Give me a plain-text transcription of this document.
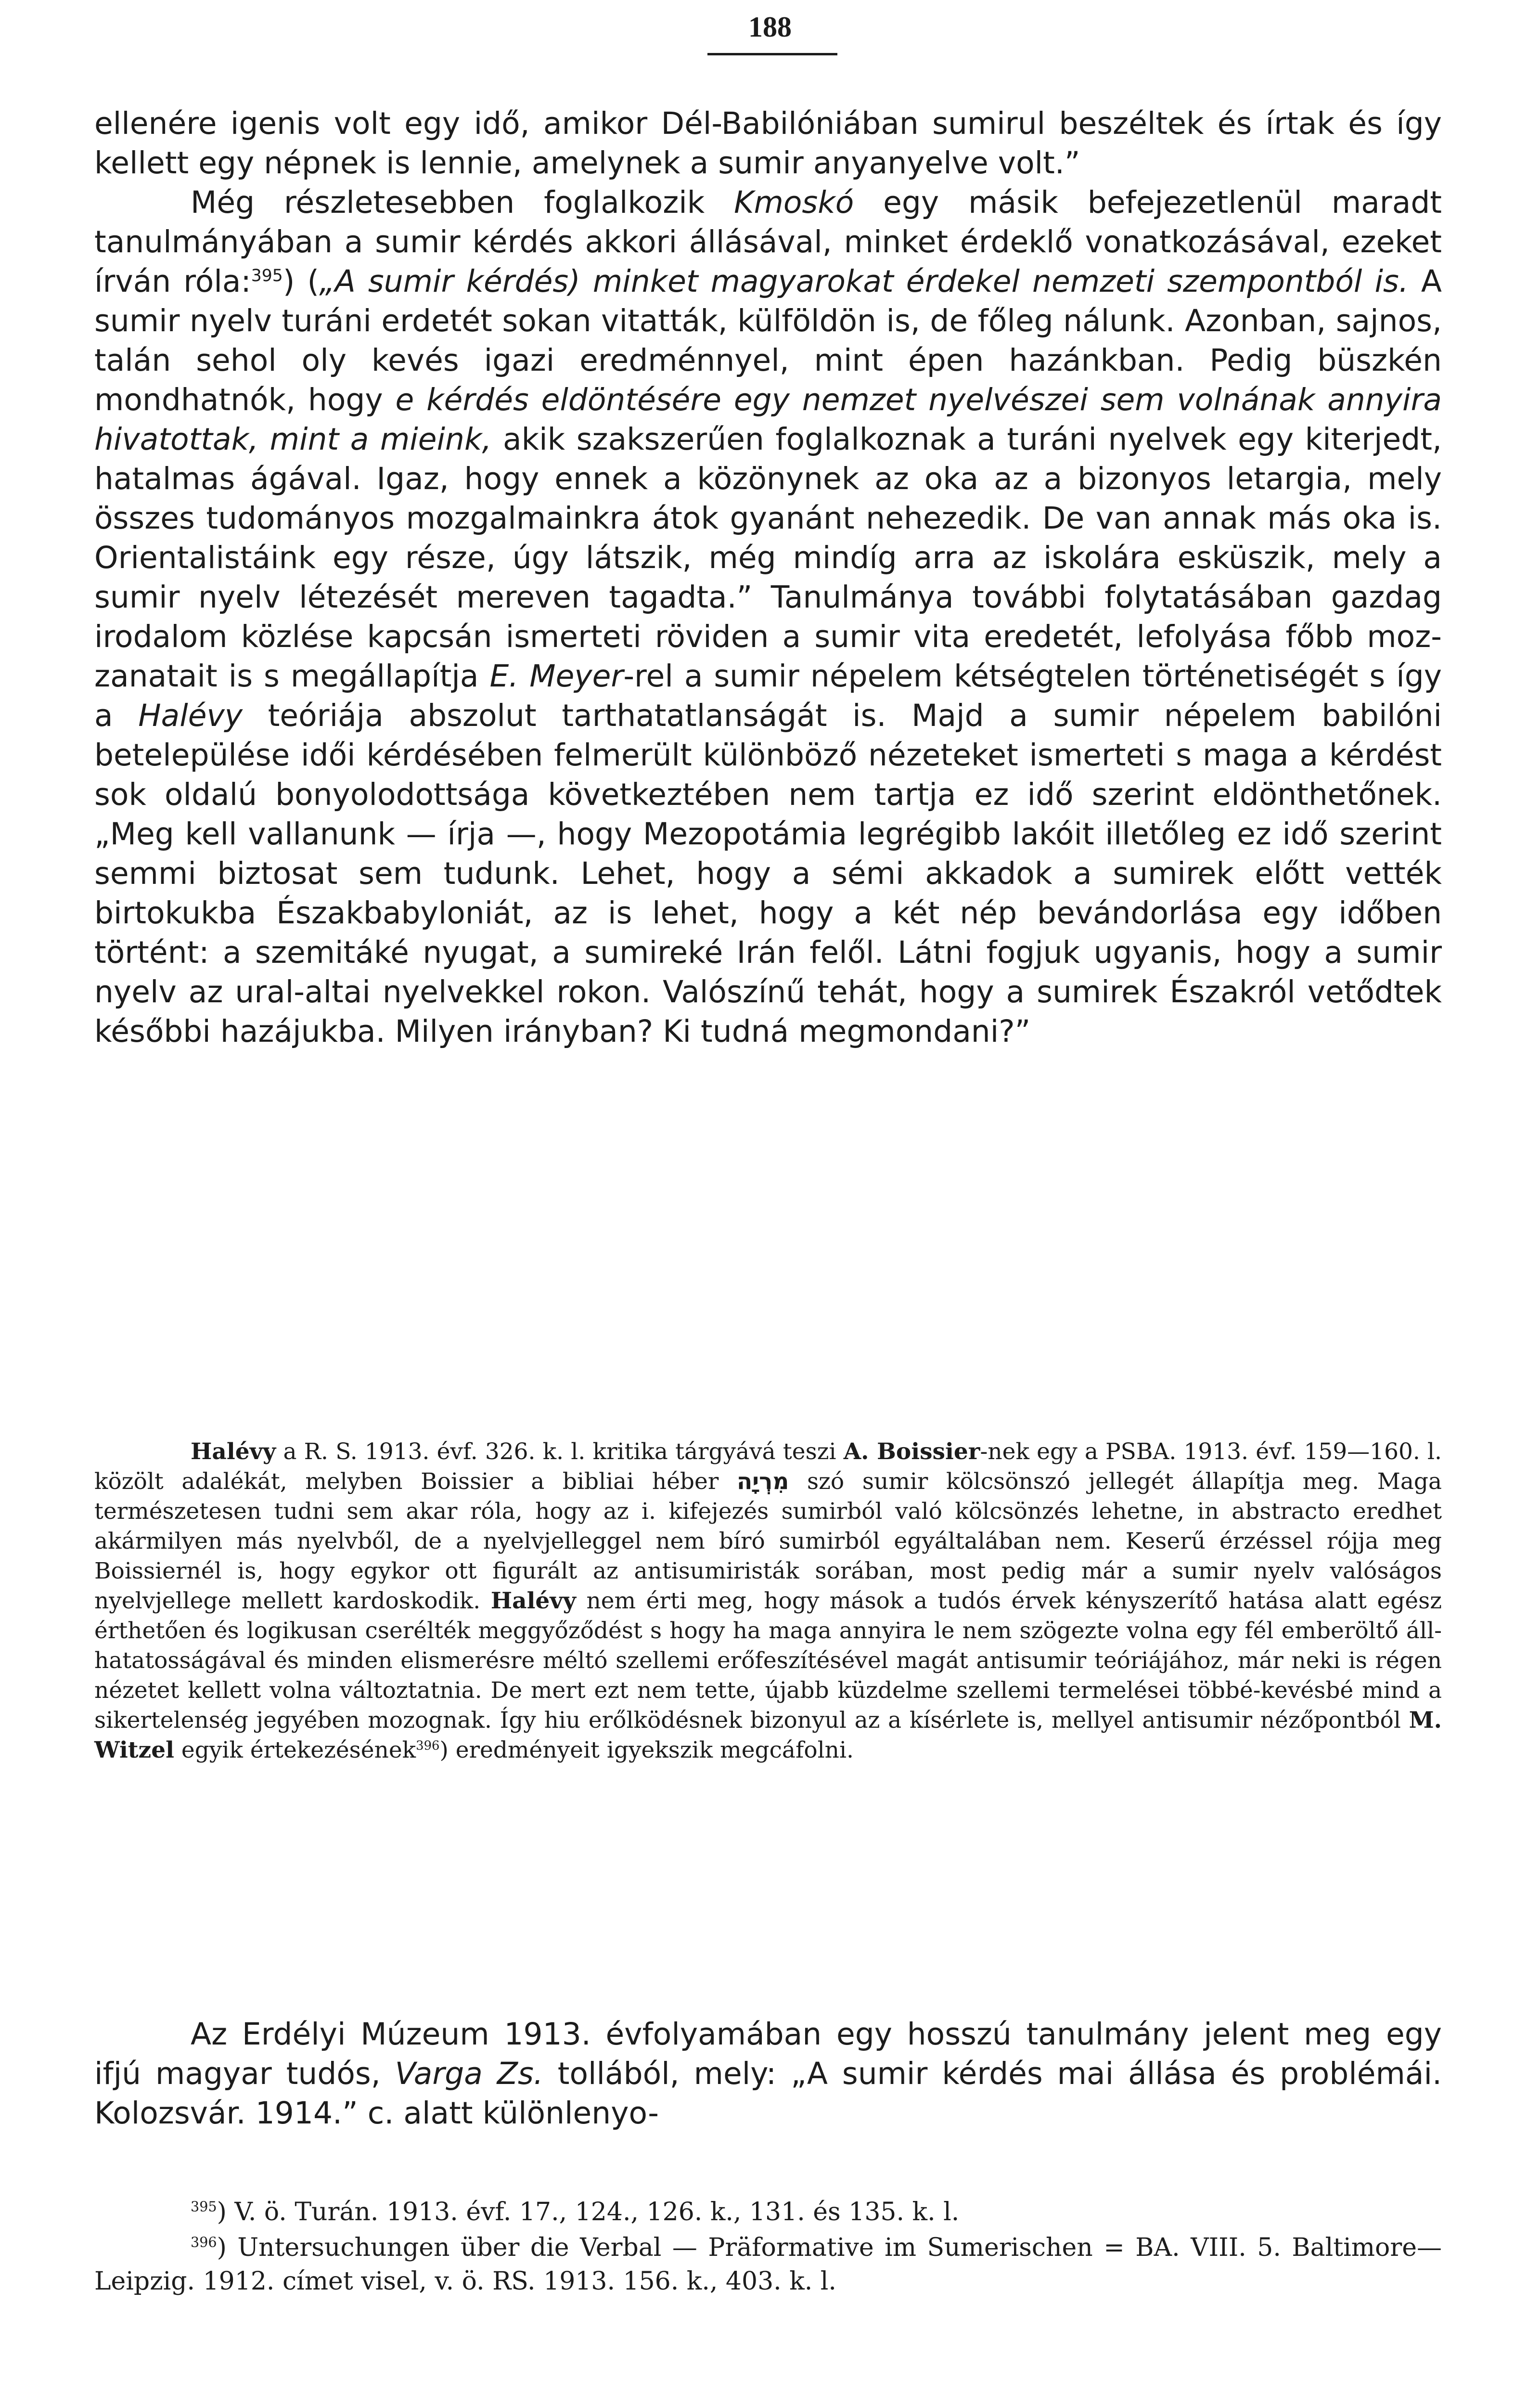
188

ellenére igenis volt egy idő, amikor Dél-Babilóniában sumirul beszéltek és írtak és így kellett egy népnek is lennie, amelynek a sumir anyanyelve volt.”

Még részletesebben foglalkozik Kmoskó egy másik befejezetlenül maradt tanulmányában a sumir kérdés akkori állásával, minket érdeklő vonatkozásával, ezeket írván róla:$^{395}$) („A sumir kérdés) minket magyarokat érdekel nemzeti szempontból is. A sumir nyelv turáni erdetét sokan vitatták, külföldön is, de főleg nálunk. Azonban, sajnos, talán sehol oly kevés igazi eredménnyel, mint épen hazánkban. Pedig büszkén mondhatnók, hogy e kérdés eldöntésére egy nemzet nyelvészei sem volnának annyira hivatottak, mint a mieink, akik szakszerűen foglalkoznak a turáni nyelvek egy kiterjedt, hatalmas ágával. Igaz, hogy ennek a közönynek az oka az a bizonyos letargia, mely összes tudományos mozgalmainkra átok gyanánt nehezedik. De van annak más oka is. Orientalistáink egy része, úgy látszik, még mindíg arra az iskolára esküszik, mely a sumir nyelv létezését mereven tagadta.” Tanulmánya további folytatásában gazdag irodalom közlése kapcsán ismerteti röviden a sumir vita eredetét, lefolyása főbb mozzanatait is s megállapítja E. Meyer-rel a sumir népelem kétségtelen történetiségét s így a Halévy teóriája abszolut tarthatatlanságát is. Majd a sumir népelem babilóni betelepülése idői kérdésében felmerült különböző nézeteket ismerteti s maga a kérdést sok oldalú bonyolodottsága következtében nem tartja ez idő szerint eldönthetőnek. „Meg kell vallanunk — írja —, hogy Mezopotámia legrégibb lakóit illetőleg ez idő szerint semmi biztosat sem tudunk. Lehet, hogy a sémi akkadok a sumirek előtt vették birtokukba Északbabyloniát, az is lehet, hogy a két nép bevándorlása egy időben történt: a szemitáké nyugat, a sumireké Irán felől. Látni fogjuk ugyanis, hogy a sumir nyelv az ural-altai nyelvekkel rokon. Valószínű tehát, hogy a sumirek Északról vetődtek későbbi hazájukba. Milyen irányban? Ki tudná megmondani?”

Halévy a R. S. 1913. évf. 326. k. l. kritika tárgyává teszi A. Boissier-nek egy a PSBA. 1913. évf. 159—160. l. közölt adalékát, melyben Boissier a bibliai héber מִרְיָה szó sumir kölcsönszó jellegét állapítja meg. Maga természetesen tudni sem akar róla, hogy az i. kifejezés sumirból való kölcsönzés lehetne, in abstracto eredhet akármilyen más nyelvből, de a nyelvjelleggel nem bíró sumirból egyáltalában nem. Keserű érzéssel rójja meg Boissiernél is, hogy egykor ott figurált az antisumiristák sorában, most pedig már a sumir nyelv valóságos nyelvjellege mellett kardoskodik. Halévy nem érti meg, hogy mások a tudós érvek kényszerítő hatása alatt egész érthetően és logikusan cserélték meggyőződést s hogy ha maga annyira le nem szögezte volna egy fél emberöltő állhatatosságával és minden elismerésre méltó szellemi erőfeszítésével magát antisumir teóriájához, már neki is régen nézetet kellett volna változtatnia. De mert ezt nem tette, újabb küzdelme szellemi termelései többé-kevésbé mind a sikertelenség jegyében mozognak. Így hiu erőlködésnek bizonyul az a kísérlete is, mellyel antisumir nézőpontból M. Witzel egyik értekezésének$^{396}$) eredményeit igyekszik megcáfolni.
Az Erdélyi Múzeum 1913. évfolyamában egy hosszú tanulmány jelent meg egy ifjú magyar tudós, Varga Zs. tollából, mely: „A sumir kérdés mai állása és problémái. Kolozsvár. 1914.” c. alatt különlenyo-

$^{395}$) V. ö. Turán. 1913. évf. 17., 124., 126. k., 131. és 135. k. l.

$^{396}$) Untersuchungen über die Verbal — Präformative im Sumerischen = BA. VIII. 5. Baltimore—Leipzig. 1912. címet visel, v. ö. RS. 1913. 156. k., 403. k. l.
